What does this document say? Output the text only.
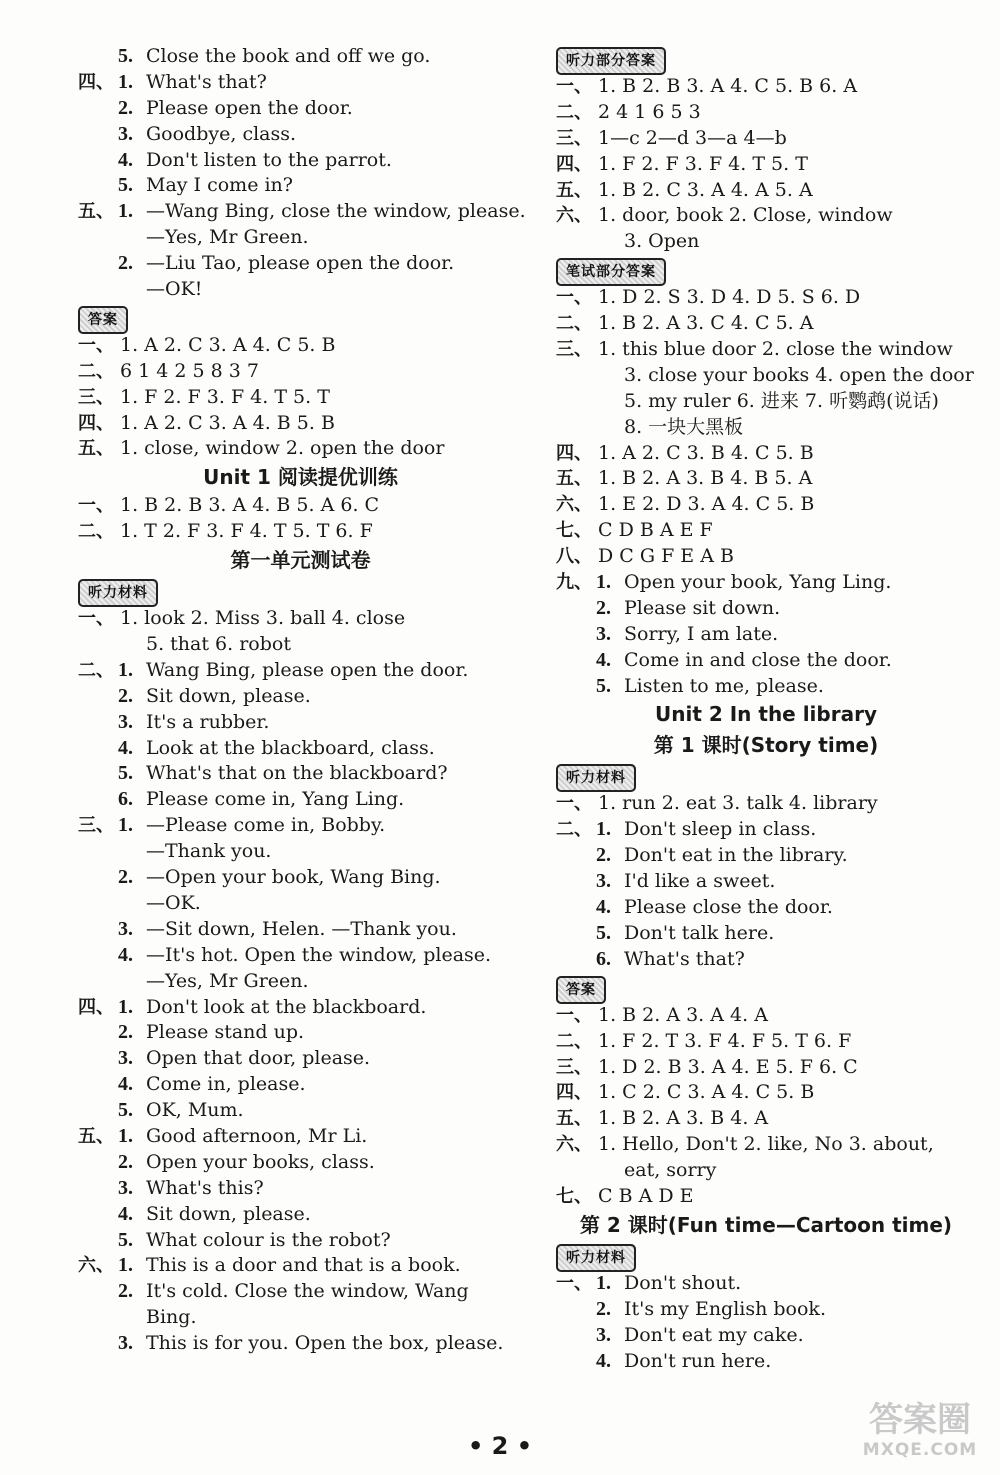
5. Close the book and off we go.
四、 1. What's that?
2. Please open the door.
3. Goodbye, class.
4. Don't listen to the parrot.
5. May I come in?
五、 1. —Wang Bing, close the window, please.
—Yes, Mr Green.
2. —Liu Tao, please open the door.
—OK!
答案
一、 1. A 2. C 3. A 4. C 5. B
二、 6 1 4 2 5 8 3 7
三、 1. F 2. F 3. F 4. T 5. T
四、 1. A 2. C 3. A 4. B 5. B
五、 1. close, window 2. open the door
Unit 1 阅读提优训练
一、 1. B 2. B 3. A 4. B 5. A 6. C
二、 1. T 2. F 3. F 4. T 5. T 6. F
第一单元测试卷
听力材料
一、 1. look 2. Miss 3. ball 4. close
5. that 6. robot
二、 1. Wang Bing, please open the door.
2. Sit down, please.
3. It's a rubber.
4. Look at the blackboard, class.
5. What's that on the blackboard?
6. Please come in, Yang Ling.
三、 1. —Please come in, Bobby.
—Thank you.
2. —Open your book, Wang Bing.
—OK.
3. —Sit down, Helen. —Thank you.
4. —It's hot. Open the window, please.
—Yes, Mr Green.
四、 1. Don't look at the blackboard.
2. Please stand up.
3. Open that door, please.
4. Come in, please.
5. OK, Mum.
五、 1. Good afternoon, Mr Li.
2. Open your books, class.
3. What's this?
4. Sit down, please.
5. What colour is the robot?
六、 1. This is a door and that is a book.
2. It's cold. Close the window, Wang
Bing.
3. This is for you. Open the box, please.
听力部分答案
一、 1. B 2. B 3. A 4. C 5. B 6. A
二、 2 4 1 6 5 3
三、 1—c 2—d 3—a 4—b
四、 1. F 2. F 3. F 4. T 5. T
五、 1. B 2. C 3. A 4. A 5. A
六、 1. door, book 2. Close, window
3. Open
笔试部分答案
一、 1. D 2. S 3. D 4. D 5. S 6. D
二、 1. B 2. A 3. C 4. C 5. A
三、 1. this blue door 2. close the window
3. close your books 4. open the door
5. my ruler 6. 进来 7. 听鹦鹉(说话)
8. 一块大黑板
四、 1. A 2. C 3. B 4. C 5. B
五、 1. B 2. A 3. B 4. B 5. A
六、 1. E 2. D 3. A 4. C 5. B
七、 C D B A E F
八、 D C G F E A B
九、 1. Open your book, Yang Ling.
2. Please sit down.
3. Sorry, I am late.
4. Come in and close the door.
5. Listen to me, please.
Unit 2 In the library
第 1 课时(Story time)
听力材料
一、 1. run 2. eat 3. talk 4. library
二、 1. Don't sleep in class.
2. Don't eat in the library.
3. I'd like a sweet.
4. Please close the door.
5. Don't talk here.
6. What's that?
答案
一、 1. B 2. A 3. A 4. A
二、 1. F 2. T 3. F 4. F 5. T 6. F
三、 1. D 2. B 3. A 4. E 5. F 6. C
四、 1. C 2. C 3. A 4. C 5. B
五、 1. B 2. A 3. B 4. A
六、 1. Hello, Don't 2. like, No 3. about,
eat, sorry
七、 C B A D E
第 2 课时(Fun time—Cartoon time)
听力材料
一、 1. Don't shout.
2. It's my English book.
3. Don't eat my cake.
4. Don't run here.
• 2 •
答案圈
MXQE.COM
